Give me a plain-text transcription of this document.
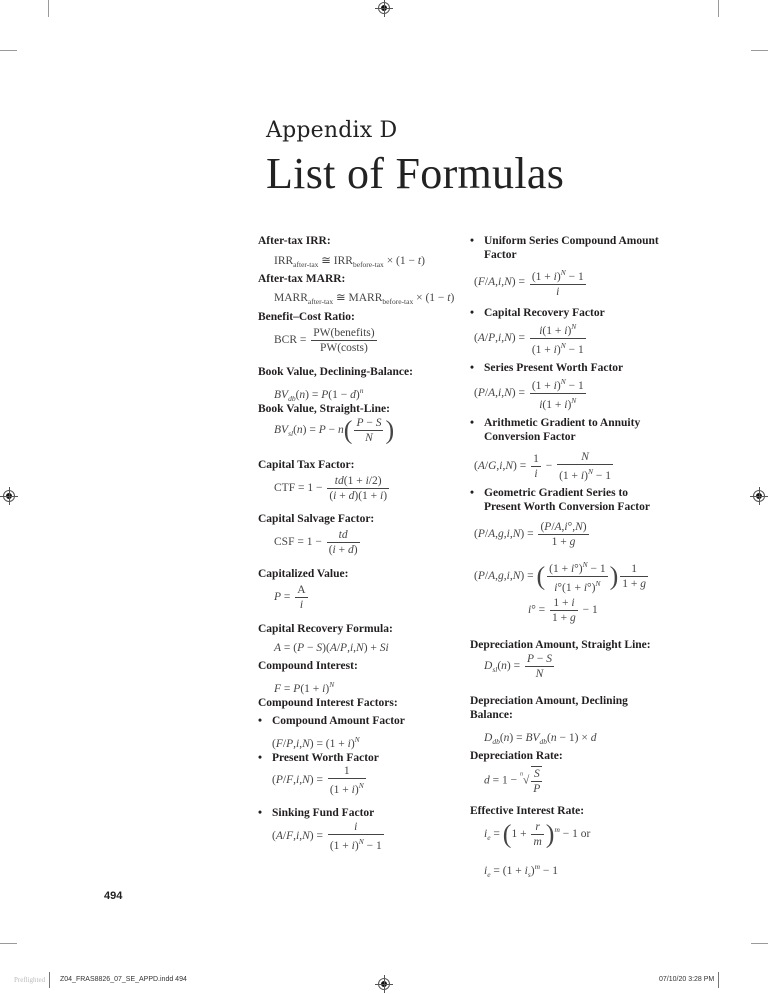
Appendix D
List of Formulas
After-tax IRR:
$IRR_{after-tax}$ ≅ $IRR_{before-tax} \times (1 - t)$
After-tax MARR:
$MARR_{after-tax}$ ≅ $MARR_{before-tax} \times (1 - t)$
Benefit–Cost Ratio:
BCR = $\frac{\text{PW(benefits)}}{\text{PW(costs)}}$
Book Value, Declining-Balance:
$BV_{db}(n) = P(1 - d)^n$
Book Value, Straight-Line:
$BV_{sl}(n) = P - n( \frac{P - S}{N}$ )
Capital Tax Factor:
CTF = $1 - \frac{td(1 + i/2)}{(i + d)(1 + i)}$
Capital Salvage Factor:
CSF = $1 - \frac{td}{(i + d)}$
Capitalized Value:
$P = \frac{A}{i}$
Capital Recovery Formula:
A = (P − S)(A/P,i,N) + Si
Compound Interest:
$F = P(1 + i)^N$
Compound Interest Factors:
• Compound Amount Factor
$(F/P,i,N) = (1 + i)^N$
• Present Worth Factor
$(P/F,i,N) = \frac{1}{(1 + i)^N}$
• Sinking Fund Factor
$(A/F,i,N) = \frac{i}{(1 + i)^N - 1}$
• Uniform Series Compound Amount
Factor
$(F/A,i,N) = \frac{(1 + i)^N - 1}{i}$
• Capital Recovery Factor
$(A/P,i,N) = \frac{i(1 + i)^N}{(1 + i)^N - 1}$
• Series Present Worth Factor
$(P/A,i,N) = \frac{(1 + i)^N - 1}{i(1 + i)^N}$
• Arithmetic Gradient to Annuity
Conversion Factor
$(A/G,i,N) = \frac{1}{i} - \frac{N}{(1 + i)^N - 1}$
• Geometric Gradient Series to
Present Worth Conversion Factor
$(P/A,g,i,N) = \frac{(P/A,i^\circ,N)}{1 + g}$
(P/A,g,i,N) = ( $\frac{(1 + i^\circ)^N - 1}{i^\circ(1 + i^\circ)^N}$ ) $\frac{1}{1 + g}$
$i^\circ = \frac{1 + i}{1 + g} - 1$
Depreciation Amount, Straight Line:
$D_{sl}(n) = \frac{P - S}{N}$
Depreciation Amount, Declining
Balance:
$D_{db}(n) = BV_{db}(n - 1) \times d$
Depreciation Rate:
$d = 1 - ^n√ \frac{S}{P}$
Effective Interest Rate:
$i_e = (1 + \frac{r}{m} )^m - 1$ or
$i_e = (1 + i_s)^m - 1$
494
Preflighted Z04_FRAS8826_07_SE_APPD.indd 494	07/10/20 3:28 PM
